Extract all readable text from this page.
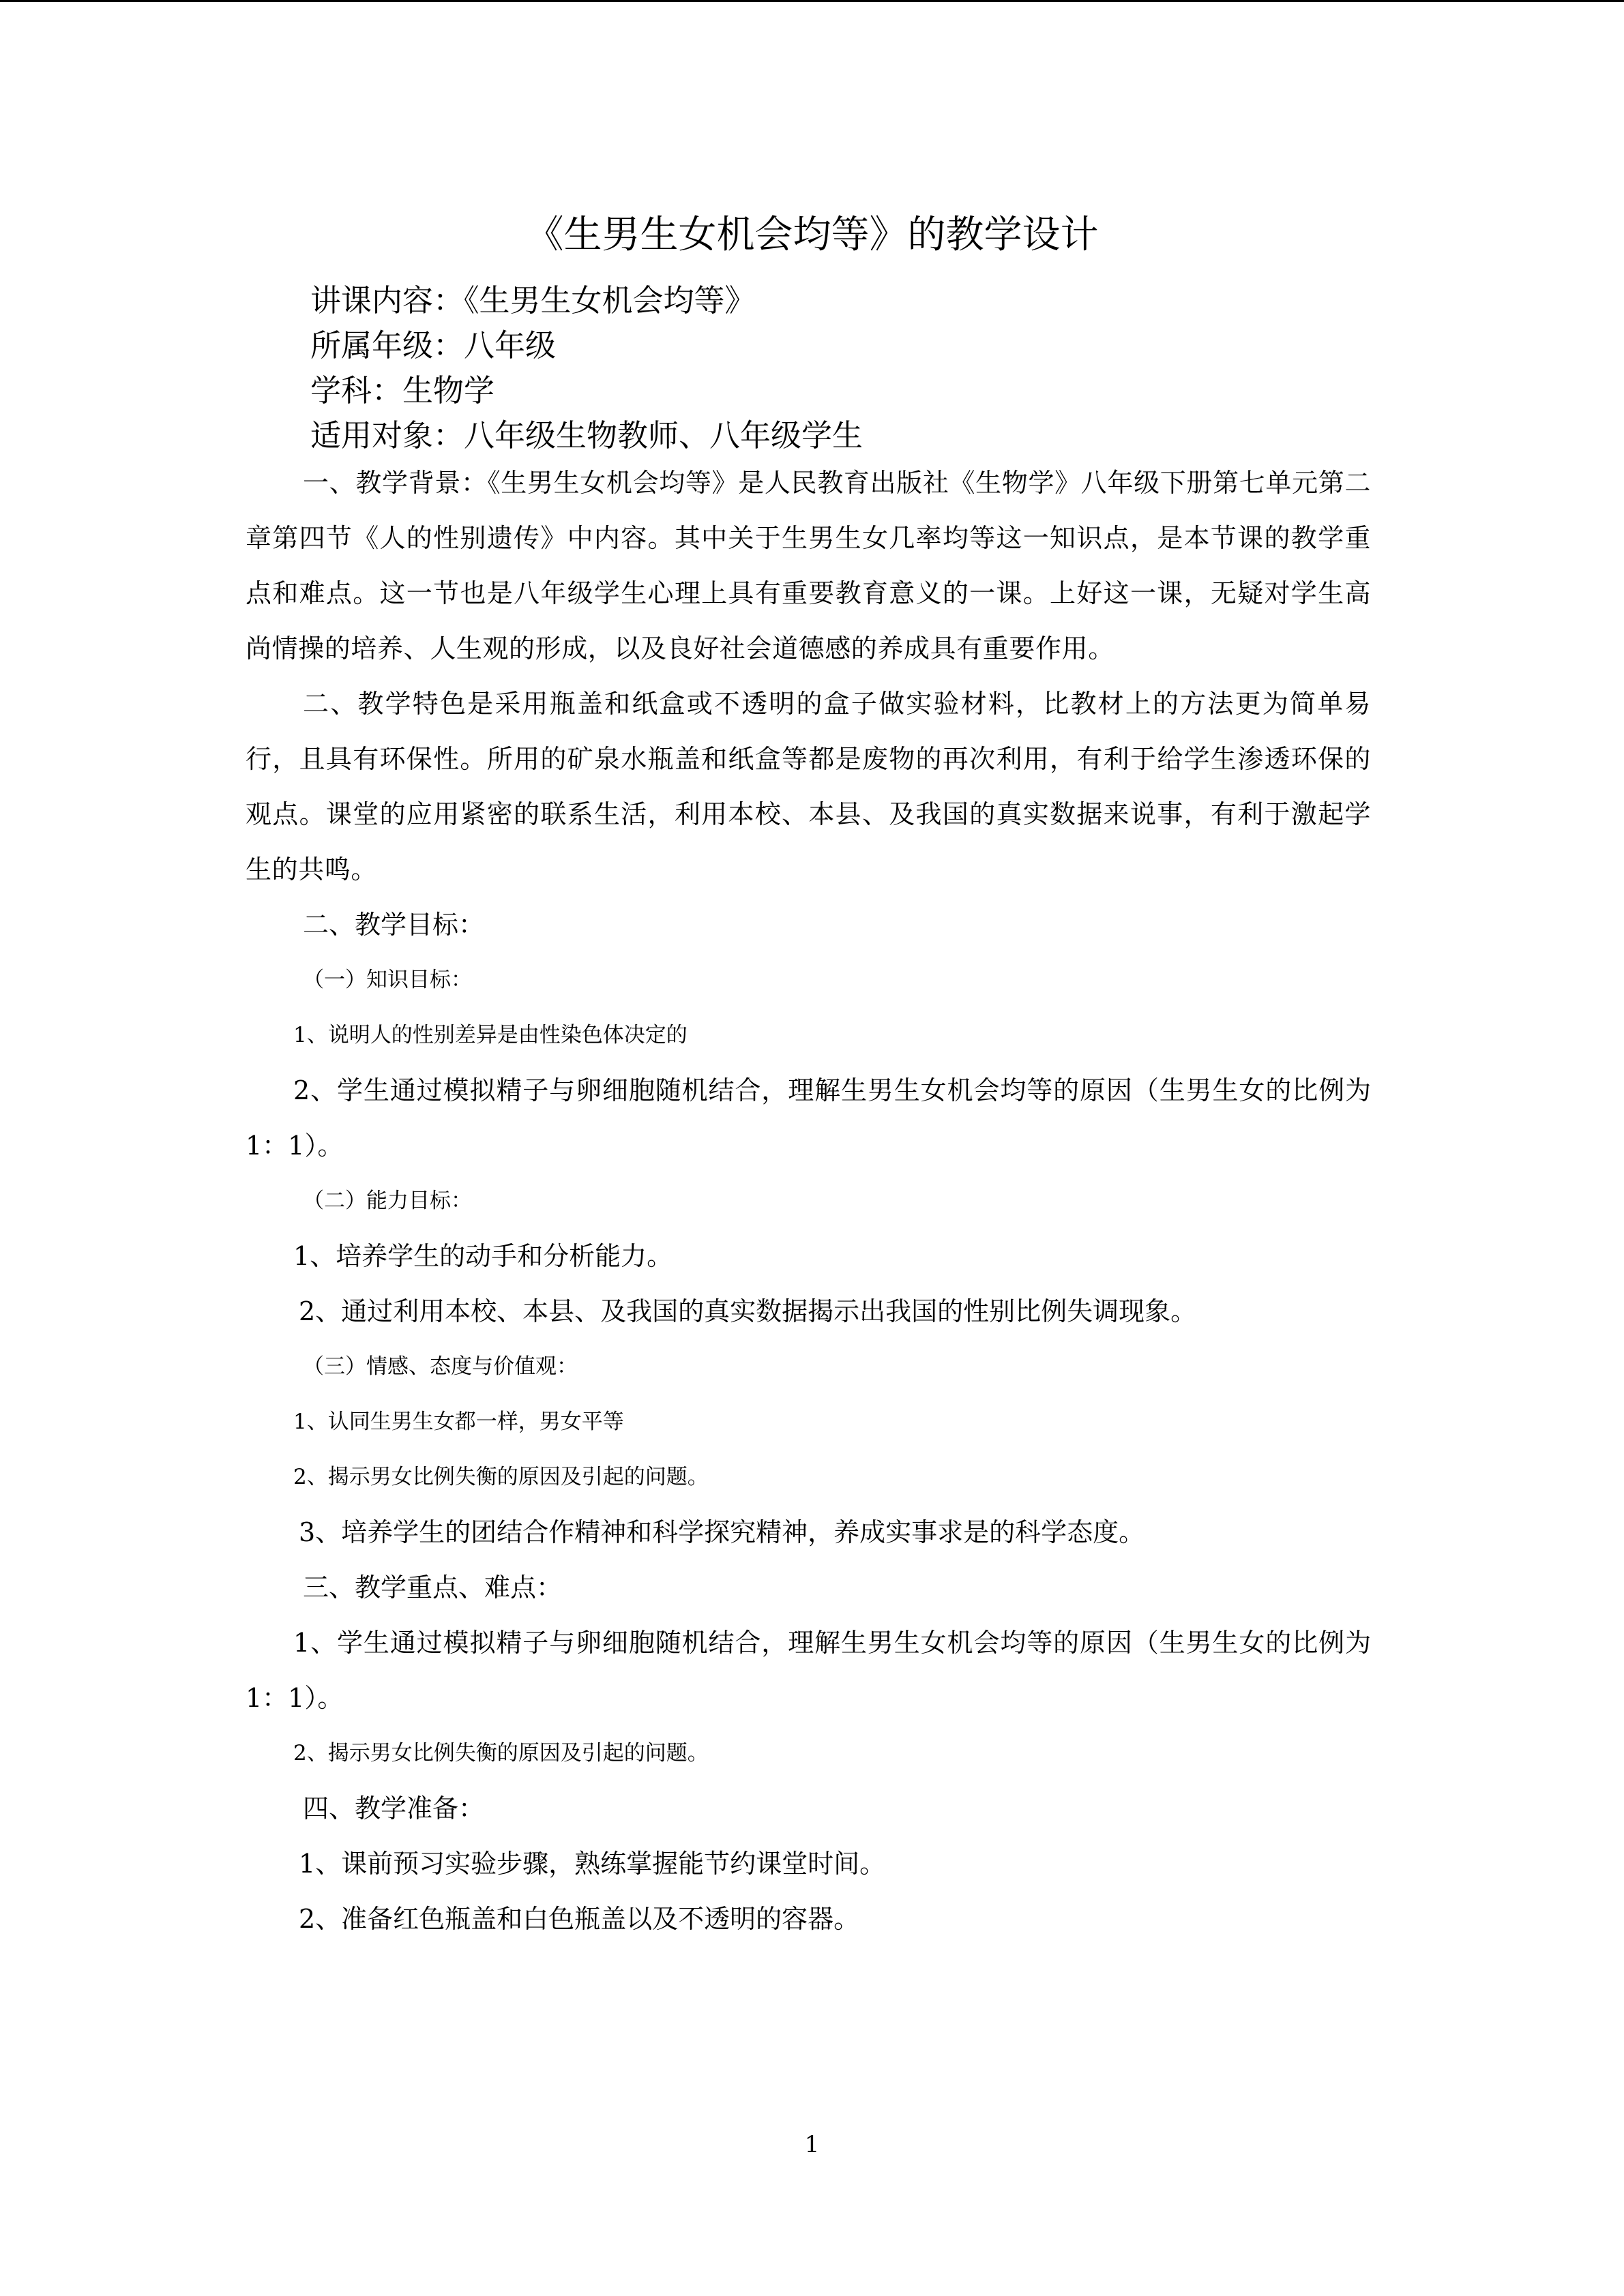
《生男生女机会均等》的教学设计
讲课内容：《生男生女机会均等》
所属年级：八年级
学科：生物学
适用对象：八年级生物教师、八年级学生

一、教学背景：《生男生女机会均等》是人民教育出版社《生物学》八年级下册第七单元第二章第四节《人的性别遗传》中内容。其中关于生男生女几率均等这一知识点，是本节课的教学重点和难点。这一节也是八年级学生心理上具有重要教育意义的一课。上好这一课，无疑对学生高尚情操的培养、人生观的形成，以及良好社会道德感的养成具有重要作用。

二、教学特色是采用瓶盖和纸盒或不透明的盒子做实验材料，比教材上的方法更为简单易行，且具有环保性。所用的矿泉水瓶盖和纸盒等都是废物的再次利用，有利于给学生渗透环保的观点。课堂的应用紧密的联系生活，利用本校、本县、及我国的真实数据来说事，有利于激起学生的共鸣。

二、教学目标：
（一）知识目标：
1、说明人的性别差异是由性染色体决定的
2、学生通过模拟精子与卵细胞随机结合，理解生男生女机会均等的原因（生男生女的比例为 1：1）。
（二）能力目标：
1、培养学生的动手和分析能力。
2、通过利用本校、本县、及我国的真实数据揭示出我国的性别比例失调现象。
（三）情感、态度与价值观：
1、认同生男生女都一样，男女平等
2、揭示男女比例失衡的原因及引起的问题。
3、培养学生的团结合作精神和科学探究精神，养成实事求是的科学态度。
三、教学重点、难点：
1、学生通过模拟精子与卵细胞随机结合，理解生男生女机会均等的原因（生男生女的比例为 1：1）。
2、揭示男女比例失衡的原因及引起的问题。
四、教学准备：
1、课前预习实验步骤，熟练掌握能节约课堂时间。
2、准备红色瓶盖和白色瓶盖以及不透明的容器。
1
